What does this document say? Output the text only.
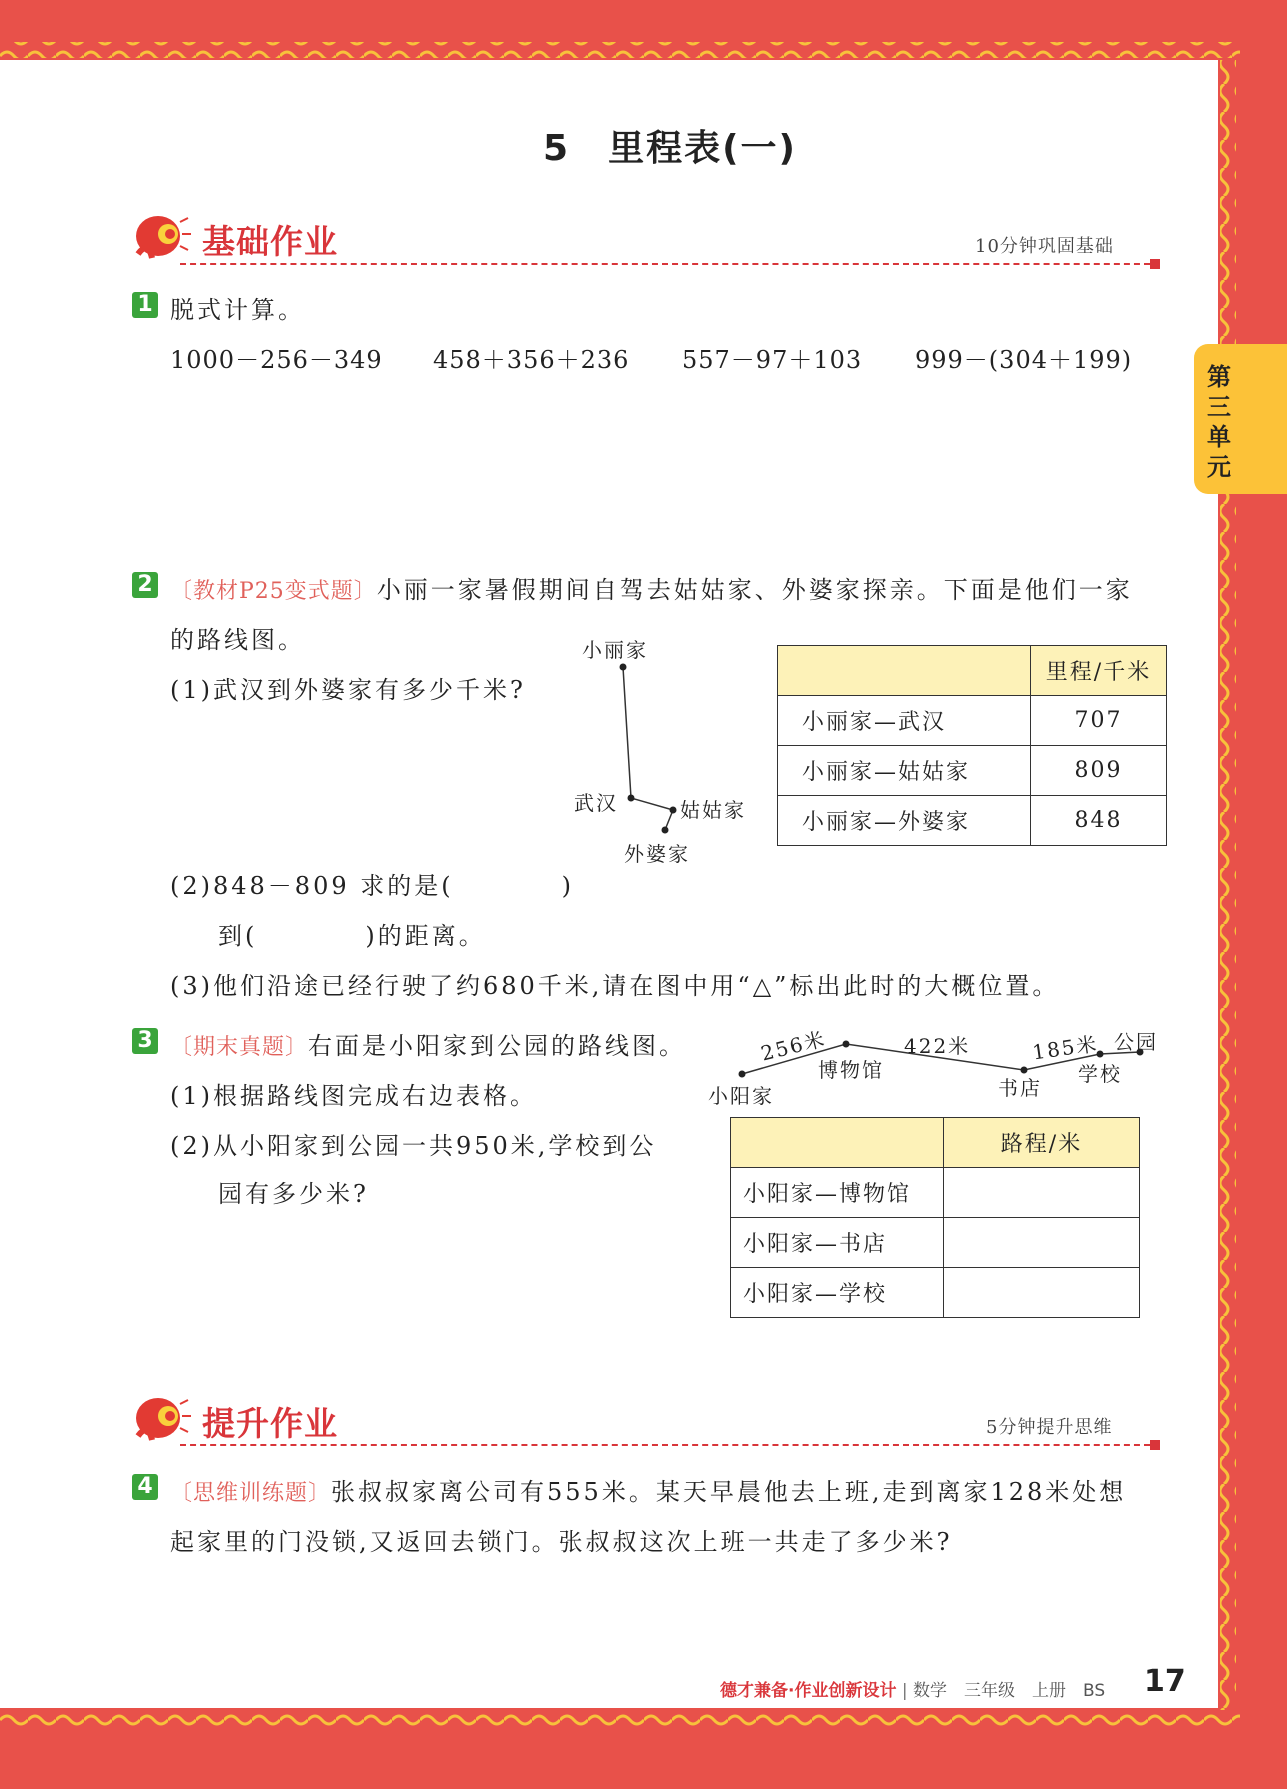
第
三
单
元
5　里程表(一)
基础作业	10分钟巩固基础
1 脱式计算。
1000－256－349 458＋356＋236 557－97＋103 999－(304＋199)
2 〔教材P25变式题〕小丽一家暑假期间自驾去姑姑家、外婆家探亲。下面是他们一家
的路线图。
(1)武汉到外婆家有多少千米?
小丽家
武汉	姑姑家
外婆家
	里程/千米
小丽家—武汉	707
小丽家—姑姑家	809
小丽家—外婆家	848
(2)848－809 求的是(　　　　)
到(　　　　)的距离。
(3)他们沿途已经行驶了约680千米,请在图中用“△”标出此时的大概位置。
3 〔期末真题〕右面是小阳家到公园的路线图。
(1)根据路线图完成右边表格。
(2)从小阳家到公园一共950米,学校到公
园有多少米?
256米	422米	185米 公园
博物馆
书店
学校
小阳家
	路程/米
小阳家—博物馆	
小阳家—书店	
小阳家—学校	
提升作业	5分钟提升思维
4 〔思维训练题〕张叔叔家离公司有555米。某天早晨他去上班,走到离家128米处想
起家里的门没锁,又返回去锁门。张叔叔这次上班一共走了多少米?
德才兼备·作业创新设计 | 数学　三年级　上册　BS 17
